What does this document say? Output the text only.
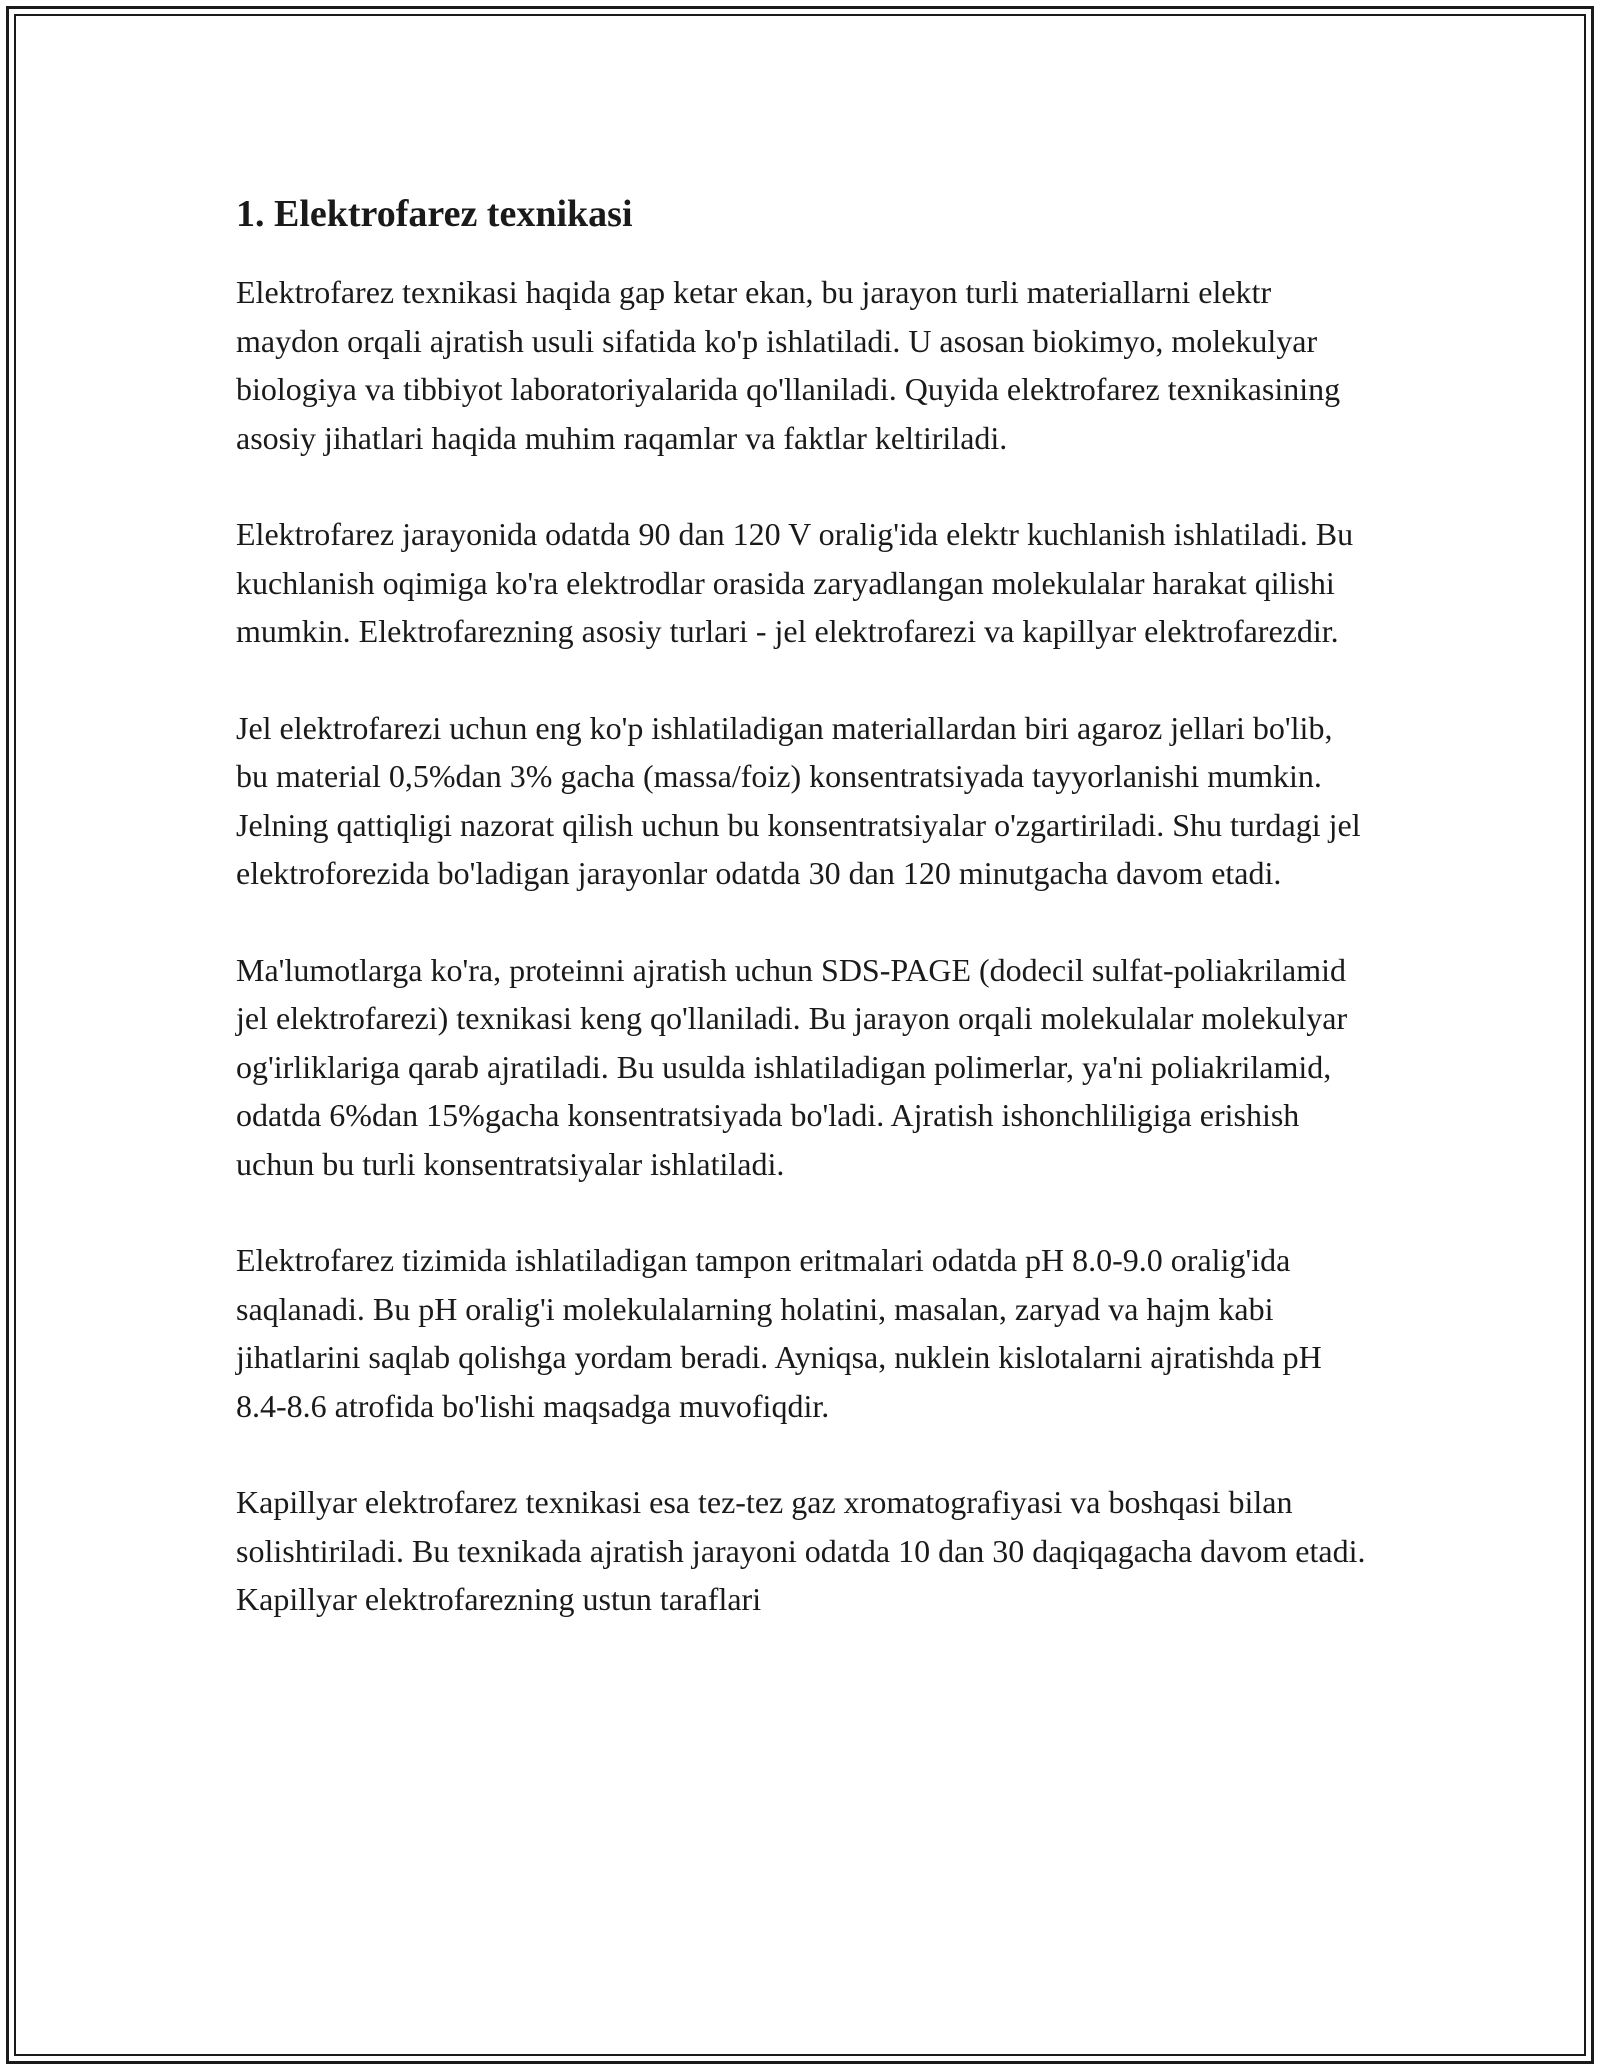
1. Elektrofarez texnikasi

Elektrofarez texnikasi haqida gap ketar ekan, bu jarayon turli materiallarni elektr maydon orqali ajratish usuli sifatida ko'p ishlatiladi. U asosan biokimyo, molekulyar biologiya va tibbiyot laboratoriyalarida qo'llaniladi. Quyida elektrofarez texnikasining asosiy jihatlari haqida muhim raqamlar va faktlar keltiriladi.

Elektrofarez jarayonida odatda 90 dan 120 V oralig'ida elektr kuchlanish ishlatiladi. Bu kuchlanish oqimiga ko'ra elektrodlar orasida zaryadlangan molekulalar harakat qilishi mumkin. Elektrofarezning asosiy turlari - jel elektrofarezi va kapillyar elektrofarezdir.

Jel elektrofarezi uchun eng ko'p ishlatiladigan materiallardan biri agaroz jellari bo'lib, bu material 0,5%dan 3% gacha (massa/foiz) konsentratsiyada tayyorlanishi mumkin. Jelning qattiqligi nazorat qilish uchun bu konsentratsiyalar o'zgartiriladi. Shu turdagi jel elektroforezida bo'ladigan jarayonlar odatda 30 dan 120 minutgacha davom etadi.

Ma'lumotlarga ko'ra, proteinni ajratish uchun SDS-PAGE (dodecil sulfat-poliakrilamid jel elektrofarezi) texnikasi keng qo'llaniladi. Bu jarayon orqali molekulalar molekulyar og'irliklariga qarab ajratiladi. Bu usulda ishlatiladigan polimerlar, ya'ni poliakrilamid, odatda 6%dan 15%gacha konsentratsiyada bo'ladi. Ajratish ishonchliligiga erishish uchun bu turli konsentratsiyalar ishlatiladi.

Elektrofarez tizimida ishlatiladigan tampon eritmalari odatda pH 8.0-9.0 oralig'ida saqlanadi. Bu pH oralig'i molekulalarning holatini, masalan, zaryad va hajm kabi jihatlarini saqlab qolishga yordam beradi. Ayniqsa, nuklein kislotalarni ajratishda pH 8.4-8.6 atrofida bo'lishi maqsadga muvofiqdir.

Kapillyar elektrofarez texnikasi esa tez-tez gaz xromatografiyasi va boshqasi bilan solishtiriladi. Bu texnikada ajratish jarayoni odatda 10 dan 30 daqiqagacha davom etadi. Kapillyar elektrofarezning ustun taraflari
